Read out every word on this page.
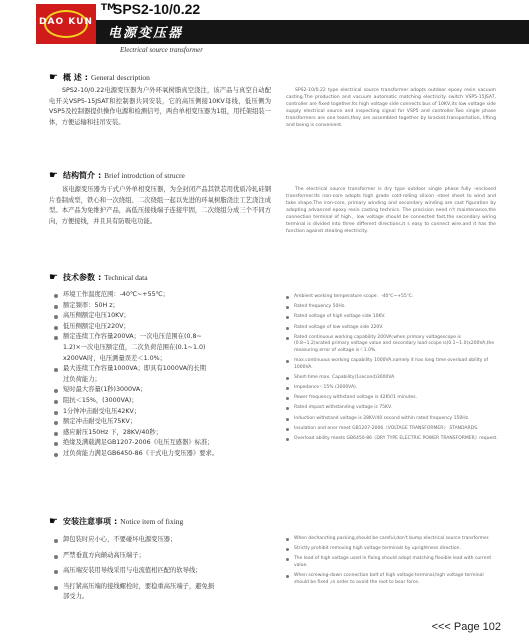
DAO KUN
TM
SPS2-10/0.22
电源变压器
Electrical source transformer
☛ 概 述 : General description
SPS2-10/0.22电源变压器为户外环氧树脂真空浇注，该产品与真空自动配电开关VSP5-15JSAT和控制器共同安装，它的高压侧接10KV母线，低压侧为VSP5及控制器提供操作电源和检测信号，两台单相变压器为1组，用托架组装一体，方便运输和挂吊安装。
SPS2-10/0.22 type electrical source transformer adopts outdoor epoxy resin vacuum casting.The production and vacuum automatic matching electricity switch VSP5-15JSAT, controller are fixed together.Its high voltage side connects bus of 10KV,its low voltage side supply electrical source and inspecting signal for VSP5 and controller.Two single phase transformers are one team,they are assembled together by bracket.transportation, lifting and being is convenient.
☛ 结构简介 : Brief introdction of strucre
该电源变压器为干式户外单相变压器，为全封闭产品其铁芯用优质冷轧硅钢片卷制成型，铁心和一次绕组、二次绕组一起以先进的环氧树脂浇注工艺浇注成型。本产品为免维护产品，高低压接线端子连接牢固，二次绕组分成三个不同方向，方便接线，并且具有防吸电功能。
The electrical source transformer is dry type outdoor single phase fully -enclosed transformer.Its iron-core adopts high grade cold-rolling silicon -steel sheet to wind and take shape.The iron-core, primary winding and secondary winding are cast figuration by adopting advanced epoxy resin casting technics. The precision need n't maintenance,the connection terminal of high、low voltage should be connected fast,the secondary wiring terminal is divided into three different directions,it s easy to connect wire,and it has the function against stealing electricity.
☛ 技术参数 : Technical data
环境工作温度范围：-40℃~+55℃；
额定频率：50H z；
高压侧额定电压10KV；
低压侧额定电压220V；
额定连续工作容量200VA；一次电压范围在(0.8~
1.2)×一次电压额定值，二次负荷范围在(0.1~1.0)
x200VA时，电压测量误差＜1.0%；
最大连续工作容量1000VA；即具有1000VA的长期
过负荷能力；
短时最大容量(1秒)3000VA；
阻抗＜15%，(3000VA)；
1分钟冲击耐受电压42KV；
额定冲击耐受电压75KV；
感应耐压150Hz 下，28KV/40秒；
绝缘及满载满足GB1207-2006《电压互感器》标准；
过负荷能力满足GB6450-86《干式电力变压器》要求。
Ambient working temperature scope：-40℃~+55℃.
Rated frequency 50Hz.
Rated voltage of high voltage side 10KV.
Rated voltage of low voltage side 220V.
Rated continuous working capability 200VA;when primary voltagescope is (0.8~1.2)xrated primary voltage value and secondary load scope is(0.1~1.0)x200VA,the measuring error of voltage is＜1.0%.
max.continuous working capability 1000VA,namely it has long time overload ability of 1000VA.
Short-time max. Capability(1second)3000VA.
Impedance＜15% (3000VA).
Power frequency withstand voltage is 42KV/1 minutes.
Rated impact withstanding voltage is 75KV.
Induction withstand voltage is 28KV/40 second within rated frequency 150Hz.
Insulation and enor meet GB1207-2006《VOLTAGE TRANSFORMER》 STANDARDS.
Overload ability meets GB6450-86《DRY TYPE ELECTRIC POWER TRANSFORMER》request.
☛ 安装注意事项 : Notice item of fixing
卸包装时应小心，不要碰坏电源变压器；
严禁垂直方向颠动高压端子；
高压端安装用导线采用与电流值相匹配的软导线；
当打紧高压端的接线螺栓时，要稳重高压端子，避免损
部受力。
When dechanrting packing,should be careful,don't bump electrical source transformer.
Strictly prohibit removing high voltage terminals by uprightness direction.
The lead of high voltage used in fixing should adopt matching flexible lead with current value.
When screwing-down connection bolt of high voltage terminal,high voltage terminal should be fixed ,in order to avoid the root to bear force.
<<< Page 102
